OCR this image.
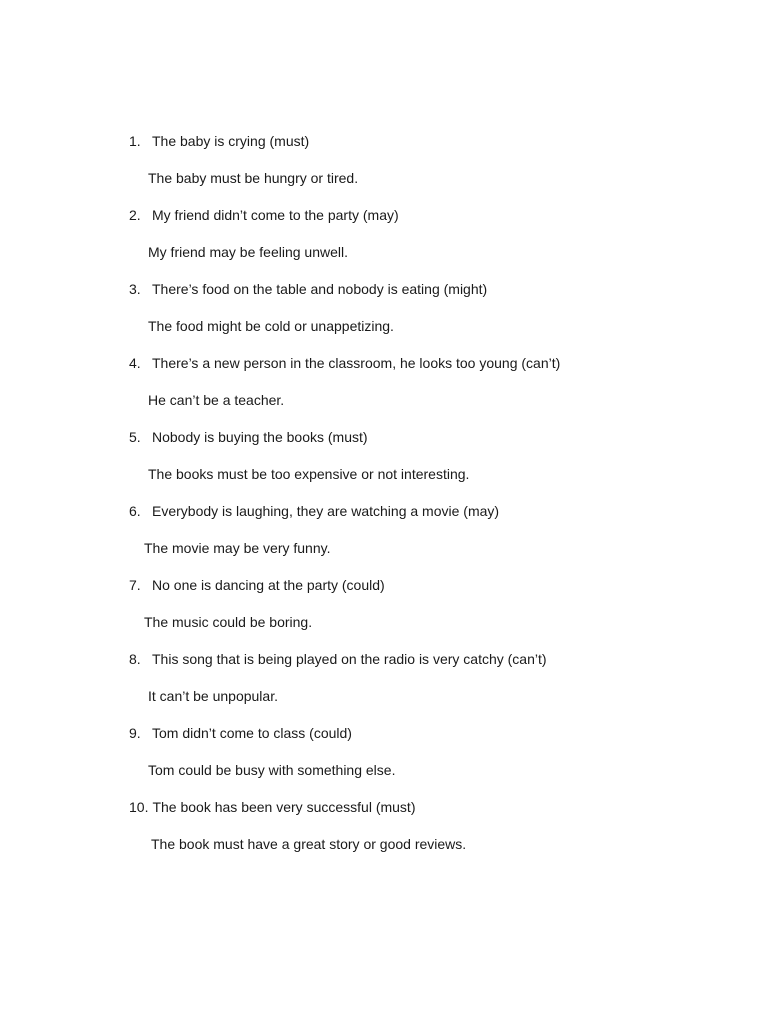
1. The baby is crying (must)
The baby must be hungry or tired.
2. My friend didn’t come to the party (may)
My friend may be feeling unwell.
3. There’s food on the table and nobody is eating (might)
The food might be cold or unappetizing.
4. There’s a new person in the classroom, he looks too young (can’t)
He can’t be a teacher.
5. Nobody is buying the books (must)
The books must be too expensive or not interesting.
6. Everybody is laughing, they are watching a movie (may)
The movie may be very funny.
7. No one is dancing at the party (could)
The music could be boring.
8. This song that is being played on the radio is very catchy (can’t)
It can’t be unpopular.
9. Tom didn’t come to class (could)
Tom could be busy with something else.
10. The book has been very successful (must)
The book must have a great story or good reviews.
